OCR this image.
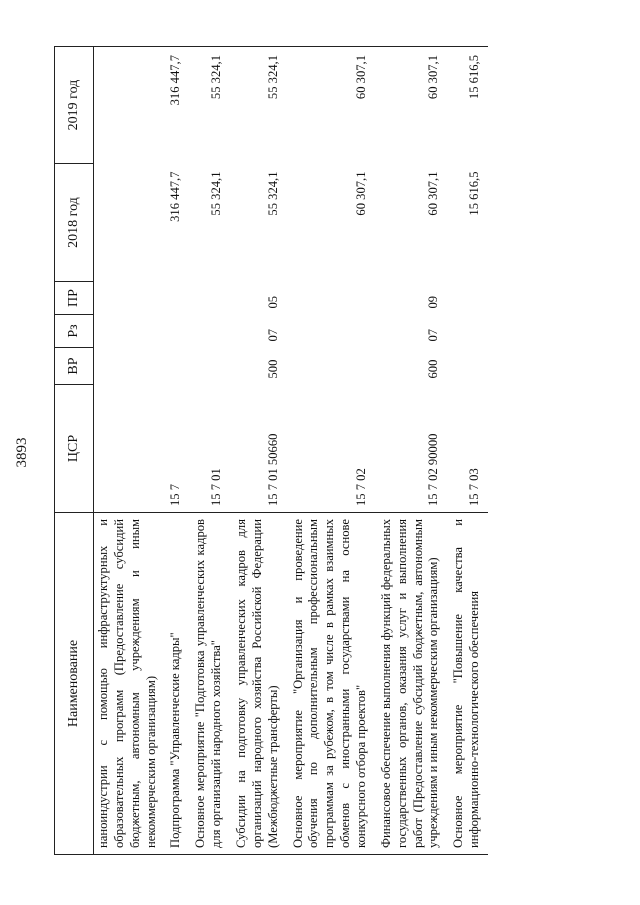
3893
Наименование	ЦСР	ВР	Рз	ПР	2018 год	2019 год
наноиндустрии с помощью инфраструктурных и образовательных программ (Предоставление субсидий бюджетным, автономным учреждениям и иным некоммерческим организациям)						
Подпрограмма "Управленческие кадры"	15 7				316 447,7	316 447,7
Основное мероприятие "Подготовка управленческих кадров для организаций народного хозяйства"	15 7 01				55 324,1	55 324,1
Субсидии на подготовку управленческих кадров для организаций народного хозяйства Российской Федерации (Межбюджетные трансферты)	15 7 01 50660	500	07	05	55 324,1	55 324,1
Основное мероприятие "Организация и проведение обучения по дополнительным профессиональным программам за рубежом, в том числе в рамках взаимных обменов с иностранными государствами на основе конкурсного отбора проектов"	15 7 02				60 307,1	60 307,1
Финансовое обеспечение выполнения функций федеральных государственных органов, оказания услуг и выполнения работ (Предоставление субсидий бюджетным, автономным учреждениям и иным некоммерческим организациям)	15 7 02 90000	600	07	09	60 307,1	60 307,1
Основное мероприятие "Повышение качества и информационно-технологического обеспечения	15 7 03				15 616,5	15 616,5
